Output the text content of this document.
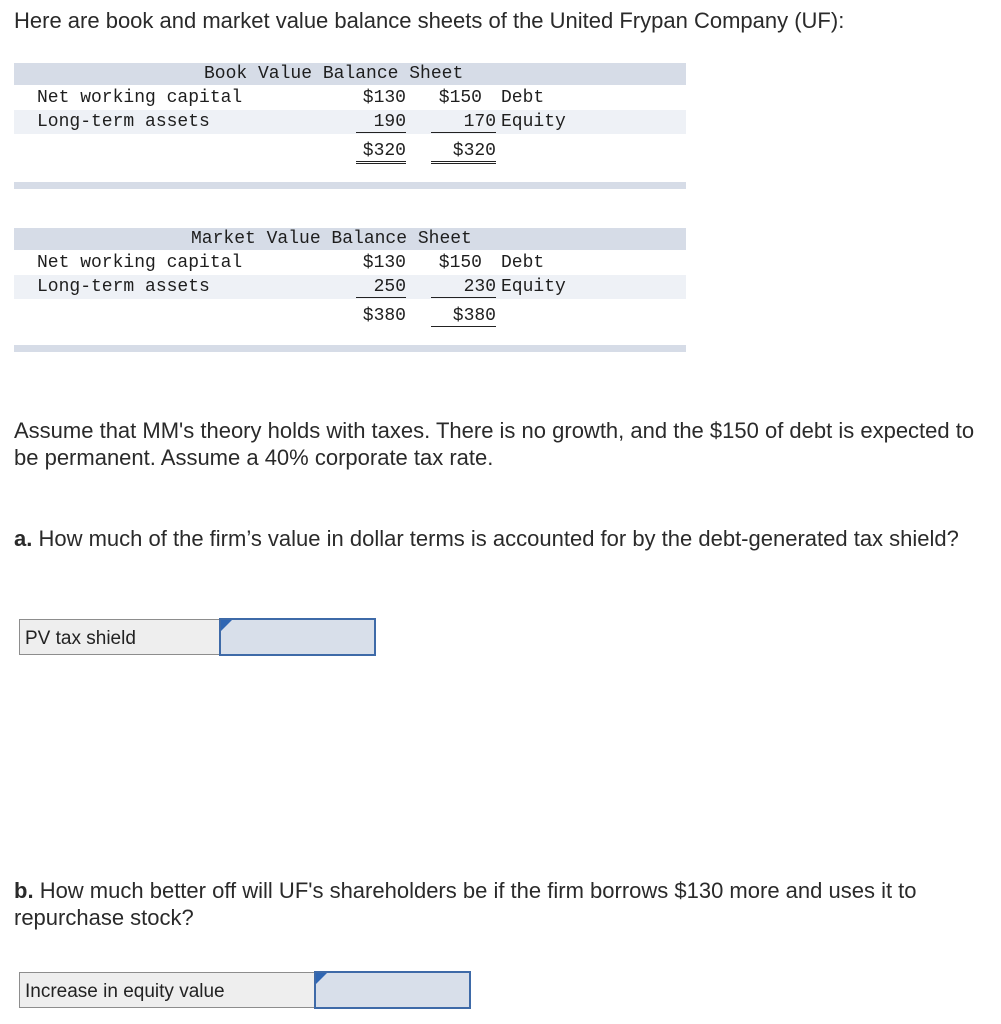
Here are book and market value balance sheets of the United Frypan Company (UF):
Book Value Balance Sheet
Net working capital	$130	$150 Debt
Long-term assets	190	170 Equity
$320	$320
Market Value Balance Sheet
Net working capital	$130	$150 Debt
Long-term assets	250	230 Equity
$380	$380
Assume that MM's theory holds with taxes. There is no growth, and the $150 of debt is expected to be permanent. Assume a 40% corporate tax rate.
a. How much of the firm’s value in dollar terms is accounted for by the debt-generated tax shield?
PV tax shield
b. How much better off will UF's shareholders be if the firm borrows $130 more and uses it to repurchase stock?
Increase in equity value
